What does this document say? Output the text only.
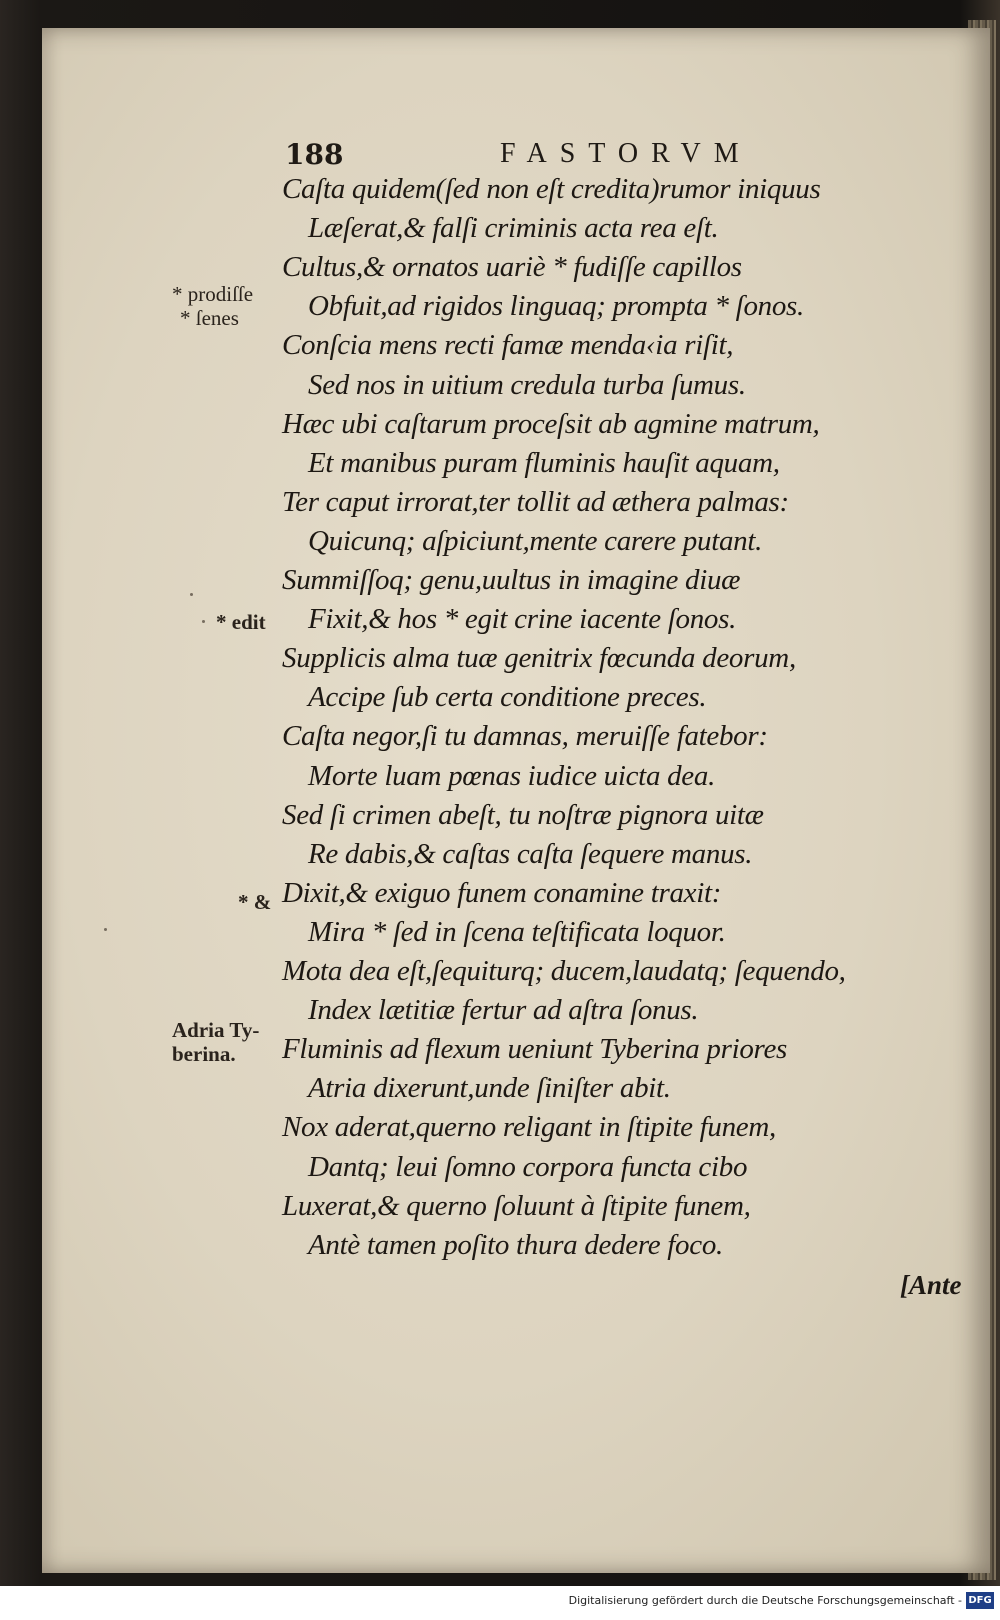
188	FASTORVM
Caſta quidem(ſed non eſt credita)rumor iniquus
Læſerat,& falſi criminis acta rea eſt.
Cultus,& ornatos uariè * fudiſſe capillos
Obfuit,ad rigidos linguaq; prompta * ſonos.
Conſcia mens recti famæ menda‹ia riſit,
Sed nos in uitium credula turba ſumus.
Hæc ubi caſtarum proceſsit ab agmine matrum,
Et manibus puram fluminis hauſit aquam,
Ter caput irrorat,ter tollit ad æthera palmas:
Quicunq; aſpiciunt,mente carere putant.
Summiſſoq; genu,uultus in imagine diuæ
Fixit,& hos * egit crine iacente ſonos.
Supplicis alma tuæ genitrix fœcunda deorum,
Accipe ſub certa conditione preces.
Caſta negor,ſi tu damnas, meruiſſe fatebor:
Morte luam pœnas iudice uicta dea.
Sed ſi crimen abeſt, tu noſtræ pignora uitæ
Re dabis,& caſtas caſta ſequere manus.
Dixit,& exiguo funem conamine traxit:
Mira * ſed in ſcena teſtificata loquor.
Mota dea eſt,ſequiturq; ducem,laudatq; ſequendo,
Index lætitiæ fertur ad aſtra ſonus.
Fluminis ad flexum ueniunt Tyberina priores
Atria dixerunt,unde ſiniſter abit.
Nox aderat,querno religant in ſtipite funem,
Dantq; leui ſomno corpora functa cibo
Luxerat,& querno ſoluunt à ſtipite funem,
Antè tamen poſito thura dedere foco.
* prodiſſe
* ſenes
* edit
* &
Adria Ty-
berina.
[Ante
Digitalisierung gefördert durch die Deutsche Forschungsgemeinschaft - DFG
